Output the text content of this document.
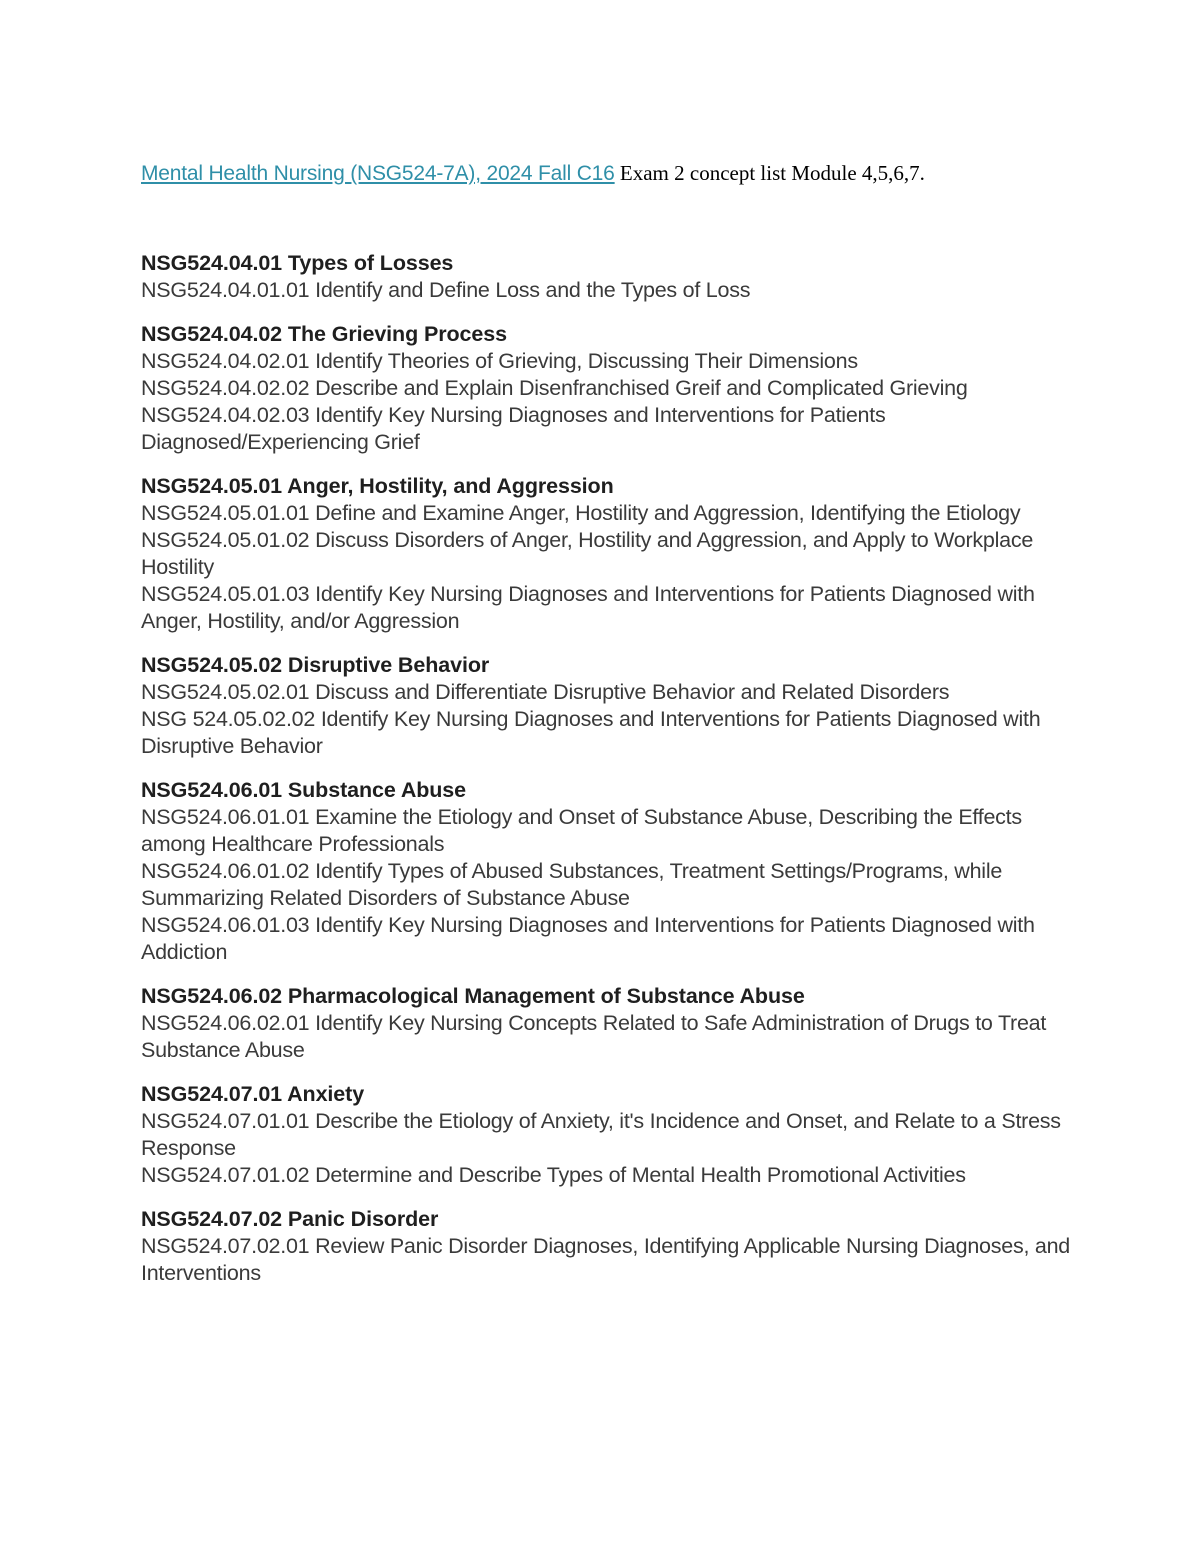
Mental Health Nursing (NSG524-7A), 2024 Fall C16 Exam 2 concept list Module 4,5,6,7.
NSG524.04.01 Types of Losses
NSG524.04.01.01 Identify and Define Loss and the Types of Loss
NSG524.04.02 The Grieving Process
NSG524.04.02.01 Identify Theories of Grieving, Discussing Their Dimensions
NSG524.04.02.02 Describe and Explain Disenfranchised Greif and Complicated Grieving
NSG524.04.02.03 Identify Key Nursing Diagnoses and Interventions for Patients Diagnosed/Experiencing Grief
NSG524.05.01 Anger, Hostility, and Aggression
NSG524.05.01.01 Define and Examine Anger, Hostility and Aggression, Identifying the Etiology
NSG524.05.01.02 Discuss Disorders of Anger, Hostility and Aggression, and Apply to Workplace Hostility
NSG524.05.01.03 Identify Key Nursing Diagnoses and Interventions for Patients Diagnosed with Anger, Hostility, and/or Aggression
NSG524.05.02 Disruptive Behavior
NSG524.05.02.01 Discuss and Differentiate Disruptive Behavior and Related Disorders
NSG 524.05.02.02 Identify Key Nursing Diagnoses and Interventions for Patients Diagnosed with Disruptive Behavior
NSG524.06.01 Substance Abuse
NSG524.06.01.01 Examine the Etiology and Onset of Substance Abuse, Describing the Effects among Healthcare Professionals
NSG524.06.01.02 Identify Types of Abused Substances, Treatment Settings/Programs, while Summarizing Related Disorders of Substance Abuse
NSG524.06.01.03 Identify Key Nursing Diagnoses and Interventions for Patients Diagnosed with Addiction
NSG524.06.02 Pharmacological Management of Substance Abuse
NSG524.06.02.01 Identify Key Nursing Concepts Related to Safe Administration of Drugs to Treat Substance Abuse
NSG524.07.01 Anxiety
NSG524.07.01.01 Describe the Etiology of Anxiety, it's Incidence and Onset, and Relate to a Stress Response
NSG524.07.01.02 Determine and Describe Types of Mental Health Promotional Activities
NSG524.07.02 Panic Disorder
NSG524.07.02.01 Review Panic Disorder Diagnoses, Identifying Applicable Nursing Diagnoses, and Interventions
